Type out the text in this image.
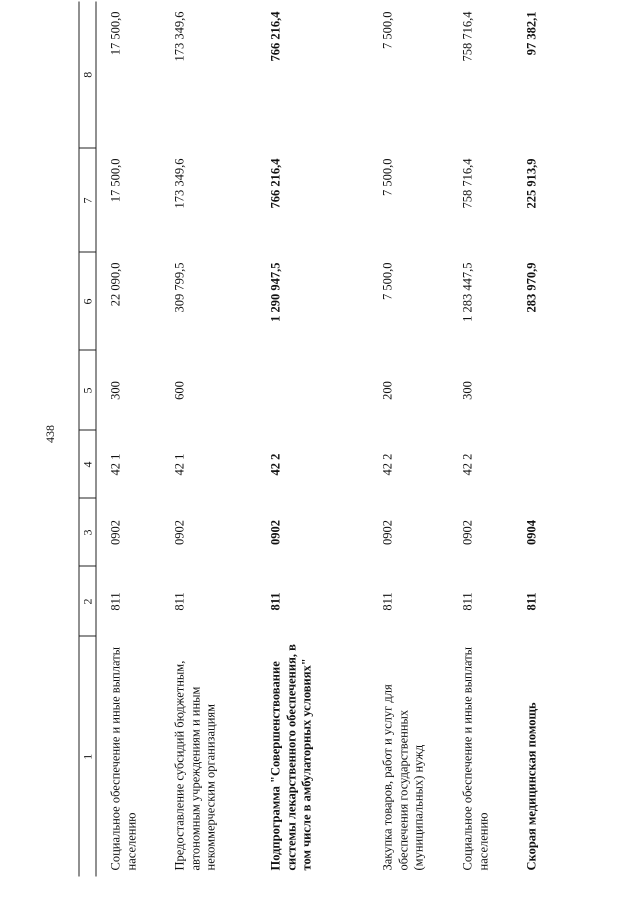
438
1	2	3	4	5	6	7	8
Социальное обеспечение и иные выплаты населению	811	0902	42 1	300	22 090,0	17 500,0	17 500,0
Предоставление субсидий бюджетным, автономным учреждениям и иным некоммерческим организациям	811	0902	42 1	600	309 799,5	173 349,6	173 349,6
Подпрограмма "Совершенствование системы лекарственного обеспечения, в том числе в амбулаторных условиях"	811	0902	42 2		1 290 947,5	766 216,4	766 216,4
Закупка товаров, работ и услуг для обеспечения государственных (муниципальных) нужд	811	0902	42 2	200	7 500,0	7 500,0	7 500,0
Социальное обеспечение и иные выплаты населению	811	0902	42 2	300	1 283 447,5	758 716,4	758 716,4
Скорая медицинская помощь	811	0904			283 970,9	225 913,9	97 382,1
